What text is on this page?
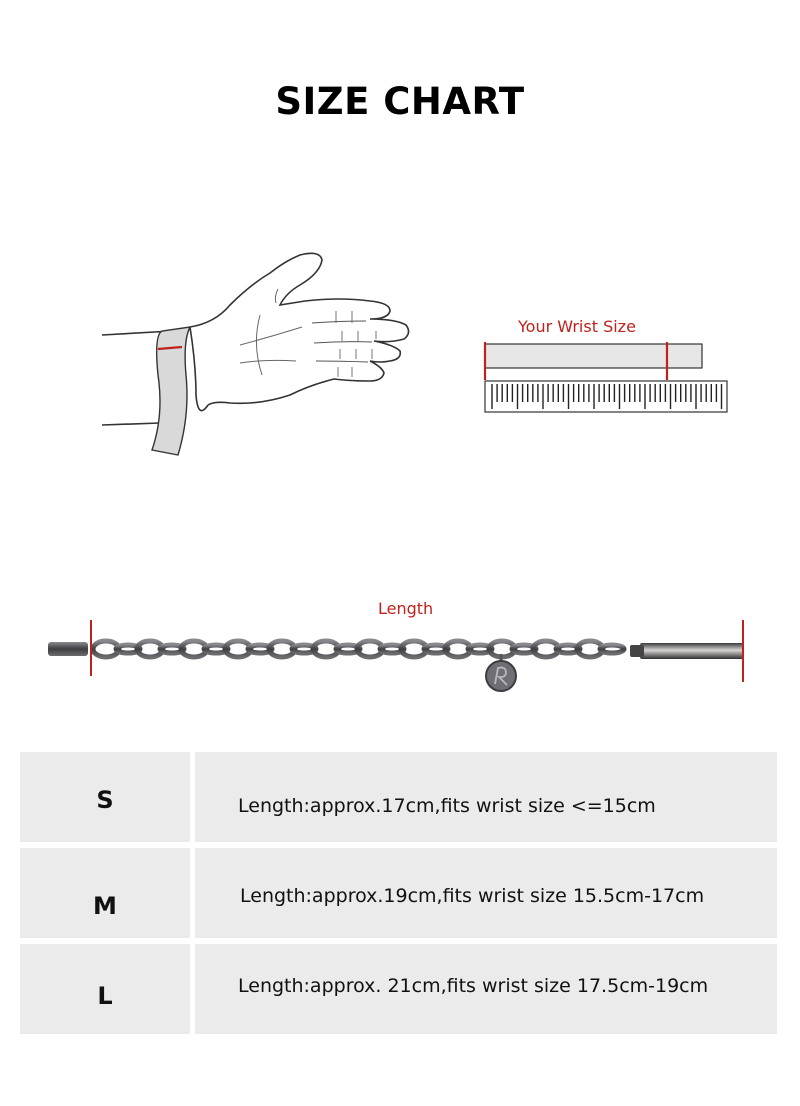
SIZE CHART
Your Wrist Size
Length
S	Length:approx.17cm,fits wrist size <=15cm
M	Length:approx.19cm,fits wrist size 15.5cm-17cm
L	Length:approx. 21cm,fits wrist size 17.5cm-19cm
